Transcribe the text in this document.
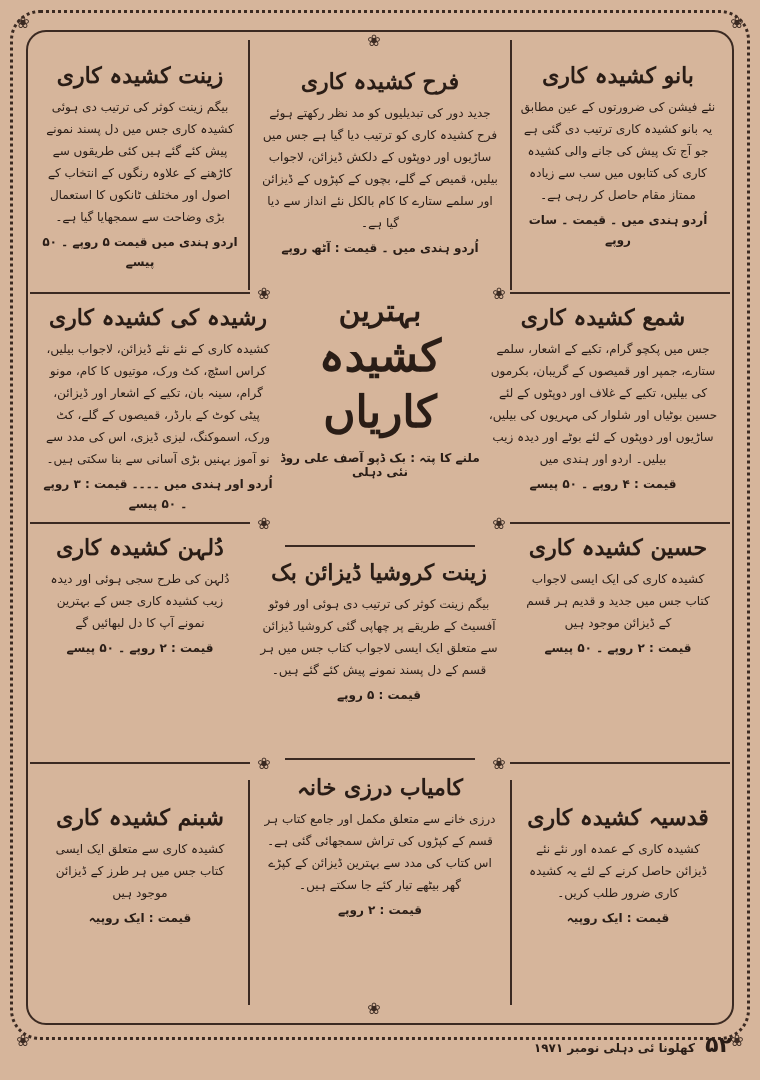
❀	❀
❀	❀
❀
❀	❀
❀	❀
❀	❀
❀
بانو کشیدہ کاری
نئے فیشن کی ضرورتوں کے عین مطابق یہ بانو کشیدہ کاری ترتیب دی گئی ہے جو آج تک پیش کی جانے والی کشیدہ کاری کی کتابوں میں سب سے زیادہ ممتاز مقام حاصل کر رہی ہے۔
اُردو ہندی میں ۔ قیمت ۔ سات روپے
فرح کشیدہ کاری
جدید دور کی تبدیلیوں کو مد نظر رکھتے ہوئے فرح کشیدہ کاری کو ترتیب دیا گیا ہے جس میں ساڑیوں اور دوپٹوں کے دلکش ڈیزائن، لاجواب بیلیں، قمیص کے گلے، بچوں کے کپڑوں کے ڈیزائن اور سلمے ستارے کا کام بالکل نئے انداز سے دیا گیا ہے۔
اُردو ہندی میں ۔ قیمت : آٹھ روپے
زینت کشیدہ کاری
بیگم زینت کوثر کی ترتیب دی ہوئی کشیدہ کاری جس میں دل پسند نمونے پیش کئے گئے ہیں کئی طریقوں سے کاڑھنے کے علاوہ رنگوں کے انتخاب کے اصول اور مختلف ٹانکوں کا استعمال بڑی وضاحت سے سمجھایا گیا ہے۔
اردو ہندی میں قیمت ۵ روپے ۔ ۵۰ پیسے
شمع کشیدہ کاری
جس میں پکچو گرام، تکیے کے اشعار، سلمے ستارے، جمپر اور قمیصوں کے گریبان، بکرموں کی بیلیں، تکیے کے غلاف اور دوپٹوں کے لئے حسین بوٹیاں اور شلوار کی مہریوں کی بیلیں، ساڑیوں اور دوپٹوں کے لئے بوٹے اور دیدہ زیب بیلیں۔ اردو اور ہندی میں
قیمت : ۴ روپے ۔ ۵۰ پیسے
بہترین
کشیدہ کاریاں
ملنے کا پتہ : بک ڈپو آصف علی روڈ نئی دہلی
رشیدہ کی کشیدہ کاری
کشیدہ کاری کے نئے نئے ڈیزائن، لاجواب بیلیں، کراس اسٹچ، کٹ ورک، موتیوں کا کام، مونو گرام، سینہ بان، تکیے کے اشعار اور ڈیزائن، پیٹی کوٹ کے بارڈر، قمیصوں کے گلے، کٹ ورک، اسموکنگ، لیزی ڈیزی، اس کی مدد سے نو آموز بہنیں بڑی آسانی سے بنا سکتی ہیں۔
اُردو اور ہندی میں ۔۔۔۔ قیمت : ۳ روپے ۔ ۵۰ پیسے
حسین کشیدہ کاری
کشیدہ کاری کی ایک ایسی لاجواب کتاب جس میں جدید و قدیم ہر قسم کے ڈیزائن موجود ہیں
قیمت : ۲ روپے ۔ ۵۰ پیسے
زینت کروشیا ڈیزائن بک
بیگم زینت کوثر کی ترتیب دی ہوئی اور فوٹو آفسیٹ کے طریقے پر چھاپی گئی کروشیا ڈیزائن سے متعلق ایک ایسی لاجواب کتاب جس میں ہر قسم کے دل پسند نمونے پیش کئے گئے ہیں۔
قیمت : ۵ روپے
دُلہن کشیدہ کاری
دُلہن کی طرح سجی ہوئی اور دیدہ زیب کشیدہ کاری جس کے بہترین نمونے آپ کا دل لبھائیں گے
قیمت : ۲ روپے ۔ ۵۰ پیسے
قدسیہ کشیدہ کاری
کشیدہ کاری کے عمدہ اور نئے نئے ڈیزائن حاصل کرنے کے لئے یہ کشیدہ کاری ضرور طلب کریں۔
قیمت : ایک روپیہ
کامیاب درزی خانہ
درزی خانے سے متعلق مکمل اور جامع کتاب ہر قسم کے کپڑوں کی تراش سمجھائی گئی ہے۔ اس کتاب کی مدد سے بہترین ڈیزائن کے کپڑے گھر بیٹھے تیار کئے جا سکتے ہیں۔
قیمت : ۲ روپے
شبنم کشیدہ کاری
کشیدہ کاری سے متعلق ایک ایسی کتاب جس میں ہر طرز کے ڈیزائن موجود ہیں
قیمت : ایک روپیہ
۵۲ کھلونا ئی دہلی نومبر ۱۹۷۱
